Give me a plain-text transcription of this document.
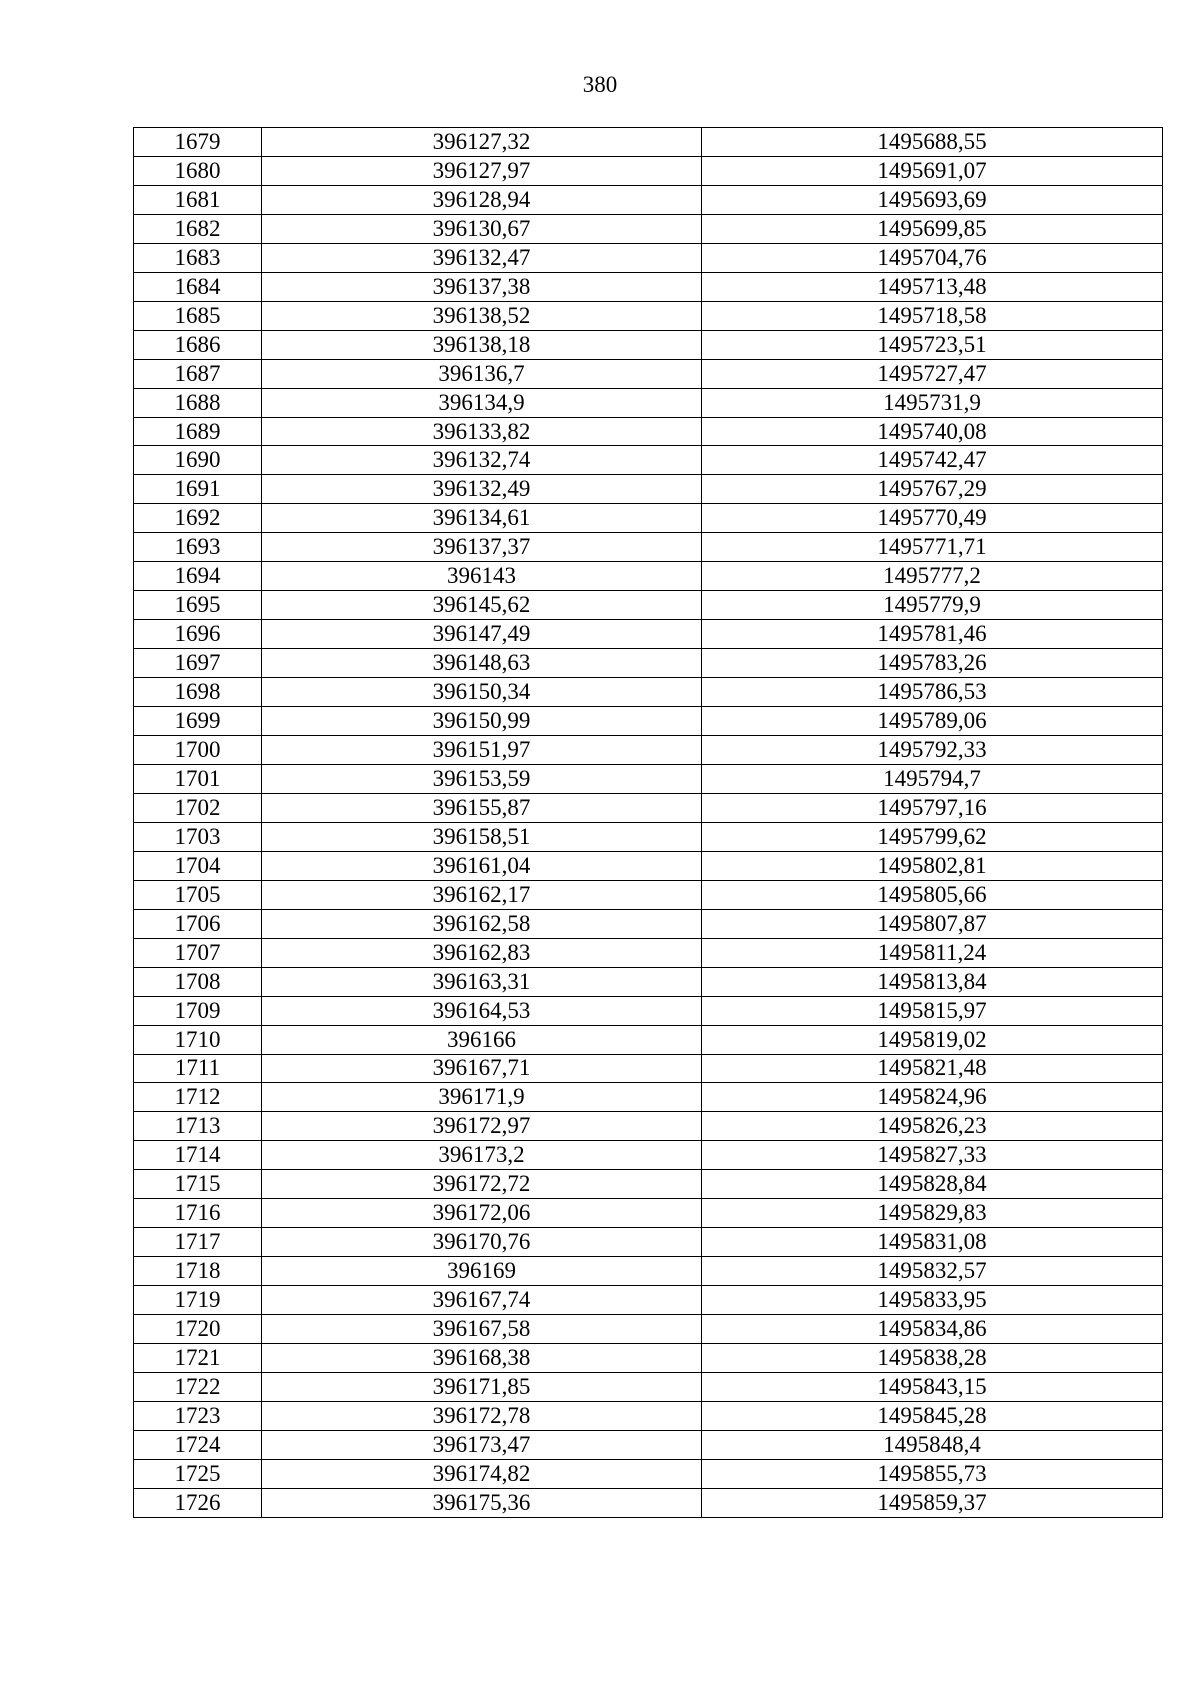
380
1679	396127,32	1495688,55
1680	396127,97	1495691,07
1681	396128,94	1495693,69
1682	396130,67	1495699,85
1683	396132,47	1495704,76
1684	396137,38	1495713,48
1685	396138,52	1495718,58
1686	396138,18	1495723,51
1687	396136,7	1495727,47
1688	396134,9	1495731,9
1689	396133,82	1495740,08
1690	396132,74	1495742,47
1691	396132,49	1495767,29
1692	396134,61	1495770,49
1693	396137,37	1495771,71
1694	396143	1495777,2
1695	396145,62	1495779,9
1696	396147,49	1495781,46
1697	396148,63	1495783,26
1698	396150,34	1495786,53
1699	396150,99	1495789,06
1700	396151,97	1495792,33
1701	396153,59	1495794,7
1702	396155,87	1495797,16
1703	396158,51	1495799,62
1704	396161,04	1495802,81
1705	396162,17	1495805,66
1706	396162,58	1495807,87
1707	396162,83	1495811,24
1708	396163,31	1495813,84
1709	396164,53	1495815,97
1710	396166	1495819,02
1711	396167,71	1495821,48
1712	396171,9	1495824,96
1713	396172,97	1495826,23
1714	396173,2	1495827,33
1715	396172,72	1495828,84
1716	396172,06	1495829,83
1717	396170,76	1495831,08
1718	396169	1495832,57
1719	396167,74	1495833,95
1720	396167,58	1495834,86
1721	396168,38	1495838,28
1722	396171,85	1495843,15
1723	396172,78	1495845,28
1724	396173,47	1495848,4
1725	396174,82	1495855,73
1726	396175,36	1495859,37
